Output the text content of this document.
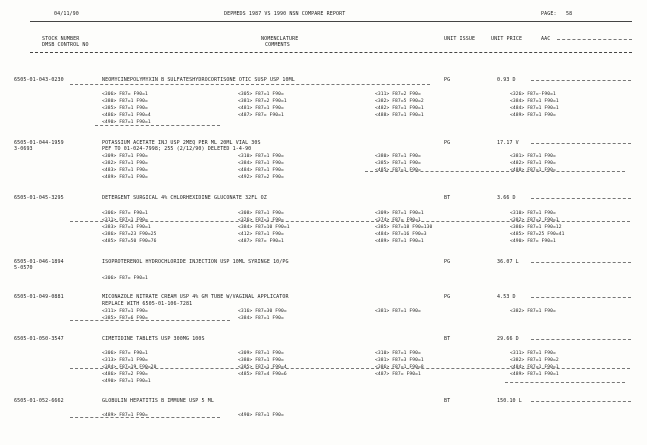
04/11/90	DEPMEDS 1987 VS 1990 NSN COMPARE REPORT	PAGE: 58
STOCK NUMBER
DMSB CONTROL NO
NOMENCLATURE
COMMENTS
UNIT ISSUE	UNIT PRICE	AAC
6505-01-043-0230	NEOMYCINEPOLYMYXIN B SULFATESHYDROCORTISONE OTIC SUSP USP 10ML	PG	0.93 D
<306> F87= F90=1	<305> F87=1 F90=	<311> F87=2 F90=	<326> F87=-F90=1
<380> F87=1 F90=	<381> F87=2 F90=1	<382> F87=5 F90=2	<384> F87=1 F90=1
<385> F87=1 F90=	<481> F87=1 F90=	<482> F87=1 F90=1	<484> F87=1 F90=1
<486> F87=1 F90=4	<487> F87= F90=1	<488> F87=1 F90=1	<489> F87=1 F90=
<490> F87=1 F90=1
6505-01-044-1959
3-0693
POTASSIUM ACETATE INJ USP 2MEQ PER ML 20ML VIAL 30S
PEF TO 01-024-7998; 255 (2/12/90) DELETED 1-4-90
PG	17.17 V
<309> F87=1 F90=	<310> F87=1 F90=	<380> F87=1 F90=	<381> F87=1 F90=
<382> F87=1 F90=	<384> F87=1 F90=	<385> F87=1 F90=	<482> F87=1 F90=
<483> F87=1 F90=	<484> F87=1 F90=	<485> F87=1 F90=	<488> F87=1 F90=
<489> F87=1 F90=	<492> F87=2 F90=
6505-01-045-3295	DETERGENT SURGICAL 4% CHLORHEXIDINE GLUCONATE 32FL OZ	BT	3.66 D
<306> F87= F90=1	<308> F87=1 F90=	<309> F87=1 F90=1	<310> F87=1 F90=
<311> F87=1 F90=	<326> F87=1 F90=	<374> F87= F90=1	<382> F87=2 F90=1
<383> F87=1 F90=1	<384> F87=10 F90=1	<385> F87=18 F90=130	<386> F87=1 F90=12
<386> F87=23 F90=25	<412> F87=1 F90=	<484> F87=16 F90=3	<485> F87=25 F90=41
<485> F87=50 F90=76	<487> F87= F90=1	<489> F87=1 F90=1	<490> F87= F90=1
6505-01-046-1894
5-0570
ISOPROTERENOL HYDROCHLORIDE INJECTION USP 10ML SYRINGE 10/PG	PG	36.07 L
<306> F87= F90=1
6505-01-049-0881	MICONAZOLE NITRATE CREAM USP 4% GM TUBE W/VAGINAL APPLICATOR
REPLACE WITH 6505-01-106-7281
PG	4.53 D
<311> F87=1 F90=	<316> F87=30 F90=	<381> F87=1 F90=	<382> F87=1 F90=
<385> F87=6 F90=	<384> F87=1 F90=
6505-01-050-3547	CIMETIDINE TABLETS USP 300MG 100S	BT	29.66 D
<306> F87= F90=1	<309> F87=1 F90=	<310> F87=1 F90=	<311> F87=1 F90=
<313> F87=1 F90=	<380> F87=1 F90=	<381> F87=3 F90=1	<382> F87=1 F90=2
<384> F87=19 F90=20	<385> F87=1 F90=4	<386> F87=1 F90=8	<484> F87=1 F90=1
<486> F87=2 F90=	<485> F87=4 F90=6	<487> F87= F90=1	<489> F87=1 F90=1
<490> F87=1 F90=1
6505-01-052-6662	GLOBULIN HEPATITIS B IMMUNE USP 5 ML	BT	150.10 L
<489> F87=1 F90=	<490> F87=1 F90=
